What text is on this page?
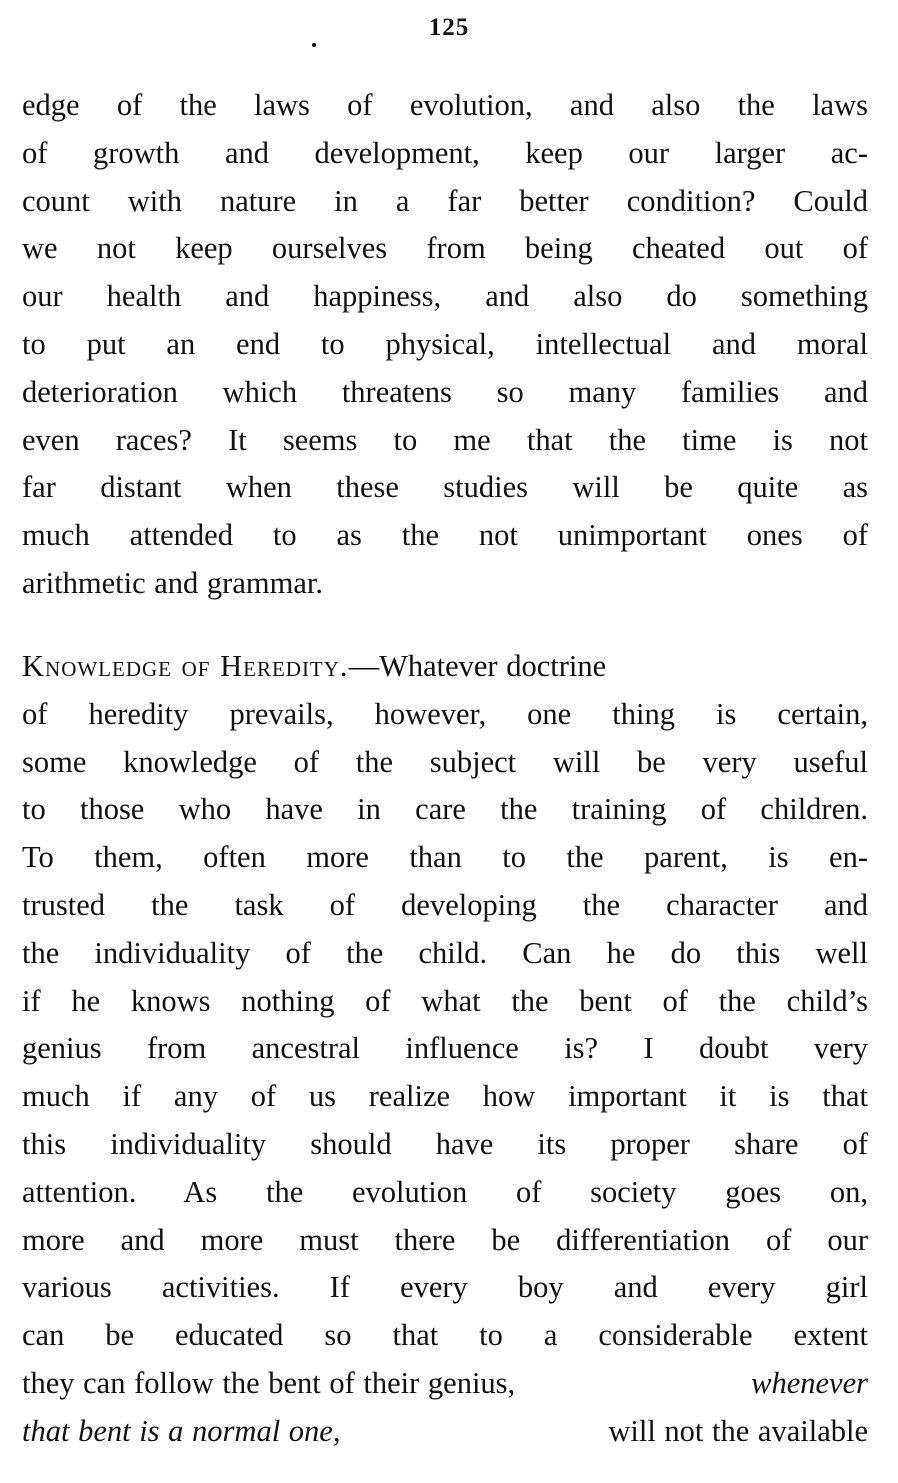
125

edge of the laws of evolution, and also the laws
of growth and development, keep our larger ac-
count with nature in a far better condition? Could
we not keep ourselves from being cheated out of
our health and happiness, and also do something
to put an end to physical, intellectual and moral
deterioration which threatens so many families and
even races? It seems to me that the time is not
far distant when these studies will be quite as
much attended to as the not unimportant ones of
arithmetic and grammar.

Knowledge of Heredity.—Whatever doctrine
of heredity prevails, however, one thing is certain,
some knowledge of the subject will be very useful
to those who have in care the training of children.
To them, often more than to the parent, is en-
trusted the task of developing the character and
the individuality of the child. Can he do this well
if he knows nothing of what the bent of the child’s
genius from ancestral influence is? I doubt very
much if any of us realize how important it is that
this individuality should have its proper share of
attention. As the evolution of society goes on,
more and more must there be differentiation of our
various activities. If every boy and every girl
can be educated so that to a considerable extent
they can follow the bent of their genius,	whenever
that bent is a normal one,	will not the available
